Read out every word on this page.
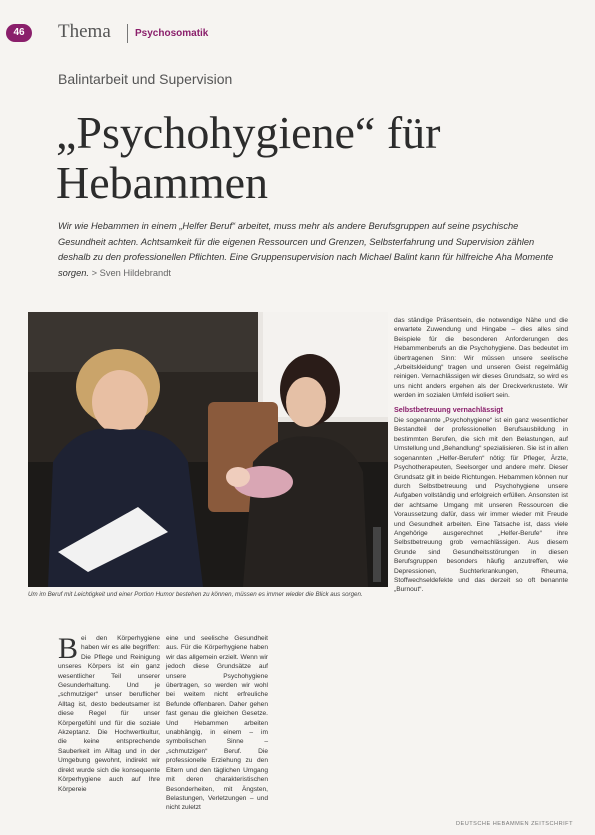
46	Thema Psychosomatik
Balintarbeit und Supervision
„Psychohygiene“ für
Hebammen
Wir wie Hebammen in einem „Helfer Beruf“ arbeitet, muss mehr als andere Berufsgruppen auf seine psychische Gesundheit achten. Achtsamkeit für die eigenen Ressourcen und Grenzen, Selbsterfahrung und Supervision zählen deshalb zu den professionellen Pflichten. Eine Gruppensupervision nach Michael Balint kann für hilfreiche Aha Momente sorgen. > Sven Hildebrandt
Um im Beruf mit Leichtigkeit und einer Portion Humor bestehen zu können, müssen es immer wieder die Blick aus sorgen.
B ei den Körperhygiene haben wir es alle begriffen: Die Pflege und Reinigung unseres Körpers ist ein ganz wesentlicher Teil unserer Gesunderhaltung. Und je „schmutziger“ unser beruflicher Alltag ist, desto bedeutsamer ist diese Regel für unser Körpergefühl und für die soziale Akzeptanz. Die Hochwertkultur, die keine entsprechende Sauberkeit im Alltag und in der Umgebung gewohnt, indirekt wir direkt wurde sich die konsequente Körperhygiene auch auf Ihre Körpereie
eine und seelische Gesundheit aus. Für die Körperhygiene haben wir das allgemein erzielt. Wenn wir jedoch diese Grundsätze auf unsere Psychohygiene übertragen, so werden wir wohl bei weitem nicht erfreuliche Befunde offenbaren. Daher gehen fast genau die gleichen Gesetze. Und Hebammen arbeiten unabhängig, in einem – im symbolischen Sinne – „schmutzigen“ Beruf. Die professionelle Erziehung zu den Eltern und den täglichen Umgang mit deren charakteristischen Besonderheiten, mit Ängsten, Belastungen, Verletzungen – und nicht zuletzt
das ständige Präsentsein, die notwendige Nähe und die erwartete Zuwendung und Hingabe – dies alles sind Beispiele für die besonderen Anforderungen des Hebammenberufs an die Psychohygiene. Das bedeutet im übertragenen Sinn: Wir müssen unsere seelische „Arbeitskleidung“ tragen und unseren Geist regelmäßig reinigen. Vernachlässigen wir dieses Grundsatz, so wird es uns nicht anders ergehen als der Dreckverkrustete. Wir werden im sozialen Umfeld isoliert sein.
Selbstbetreuung vernachlässigt
Die sogenannte „Psychohygiene“ ist ein ganz wesentlicher Bestandteil der professionellen Berufsausbildung in bestimmten Berufen, die sich mit den Belastungen, auf Umstellung und „Behandlung“ spezialisieren. Sie ist in allen sogenannten „Helfer-Berufen“ nötig: für Pfleger, Ärzte, Psychotherapeuten, Seelsorger und andere mehr. Dieser Grundsatz gilt in beide Richtungen. Hebammen können nur durch Selbstbetreuung und Psychohygiene unsere Aufgaben vollständig und erfolgreich erfüllen. Ansonsten ist der achtsame Umgang mit unseren Ressourcen die Voraussetzung dafür, dass wir immer wieder mit Freude und Gesundheit arbeiten. Eine Tatsache ist, dass viele Angehörige ausgerechnet „Helfer-Berufe“ ihre Selbstbetreuung grob vernachlässigen. Aus diesem Grunde sind Gesundheitsstörungen in diesen Berufsgruppen besonders häufig anzutreffen, wie Depressionen, Suchterkrankungen, Rheuma, Stoffwechseldefekte und das derzeit so oft benannte „Burnout“.
DEUTSCHE HEBAMMEN ZEITSCHRIFT
